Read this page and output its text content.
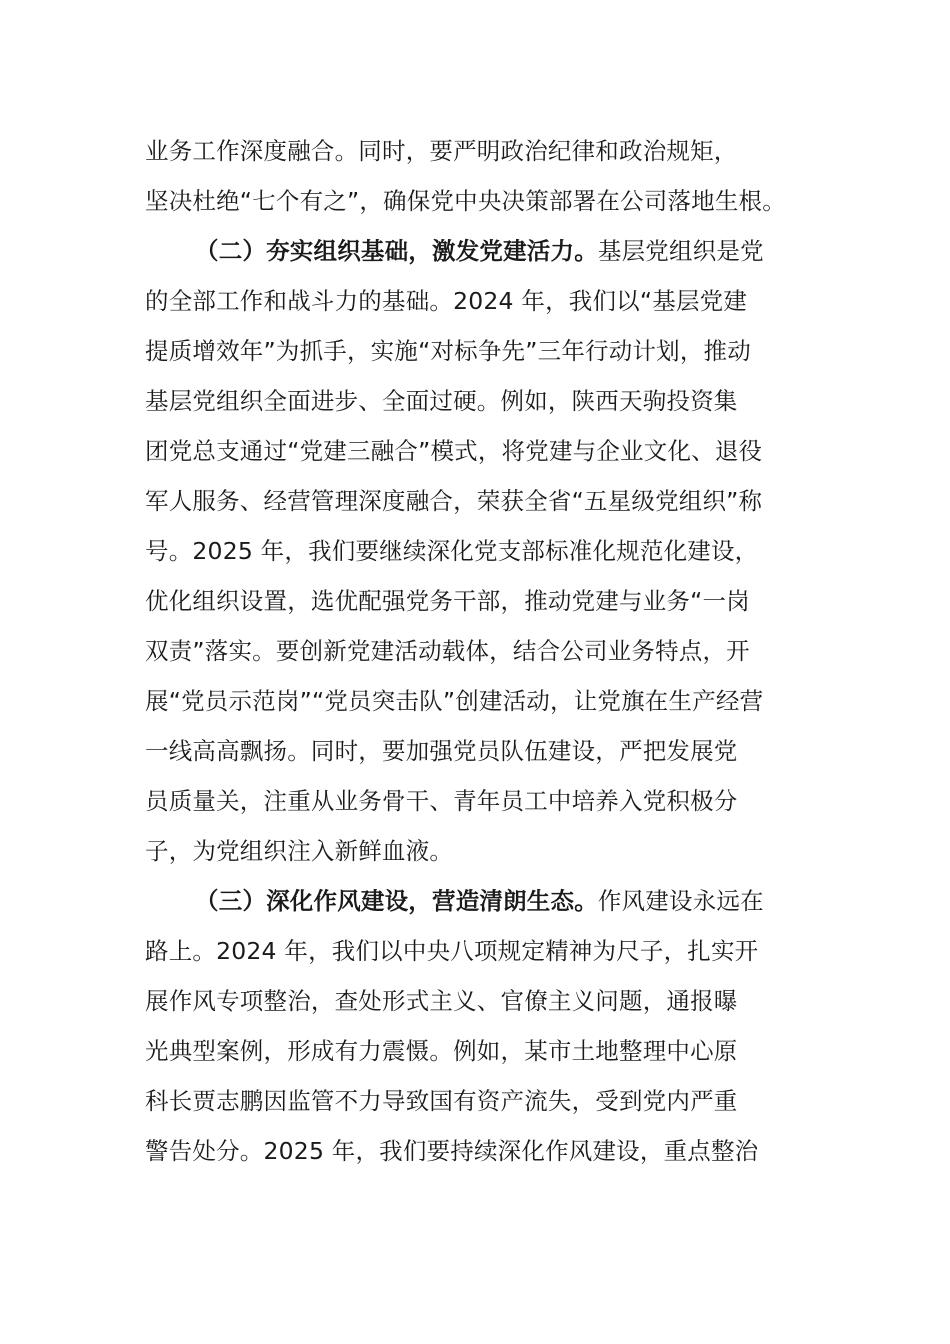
业务工作深度融合。同时，要严明政治纪律和政治规矩，
坚决杜绝“七个有之”，确保党中央决策部署在公司落地生根。
（二）夯实组织基础，激发党建活力。基层党组织是党
的全部工作和战斗力的基础。2024 年，我们以“基层党建
提质增效年”为抓手，实施“对标争先”三年行动计划，推动
基层党组织全面进步、全面过硬。例如，陕西天驹投资集
团党总支通过“党建三融合”模式，将党建与企业文化、退役
军人服务、经营管理深度融合，荣获全省“五星级党组织”称
号。2025 年，我们要继续深化党支部标准化规范化建设，
优化组织设置，选优配强党务干部，推动党建与业务“一岗
双责”落实。要创新党建活动载体，结合公司业务特点，开
展“党员示范岗”“党员突击队”创建活动，让党旗在生产经营
一线高高飘扬。同时，要加强党员队伍建设，严把发展党
员质量关，注重从业务骨干、青年员工中培养入党积极分
子，为党组织注入新鲜血液。
（三）深化作风建设，营造清朗生态。作风建设永远在
路上。2024 年，我们以中央八项规定精神为尺子，扎实开
展作风专项整治，查处形式主义、官僚主义问题，通报曝
光典型案例，形成有力震慑。例如，某市土地整理中心原
科长贾志鹏因监管不力导致国有资产流失，受到党内严重
警告处分。2025 年，我们要持续深化作风建设，重点整治
